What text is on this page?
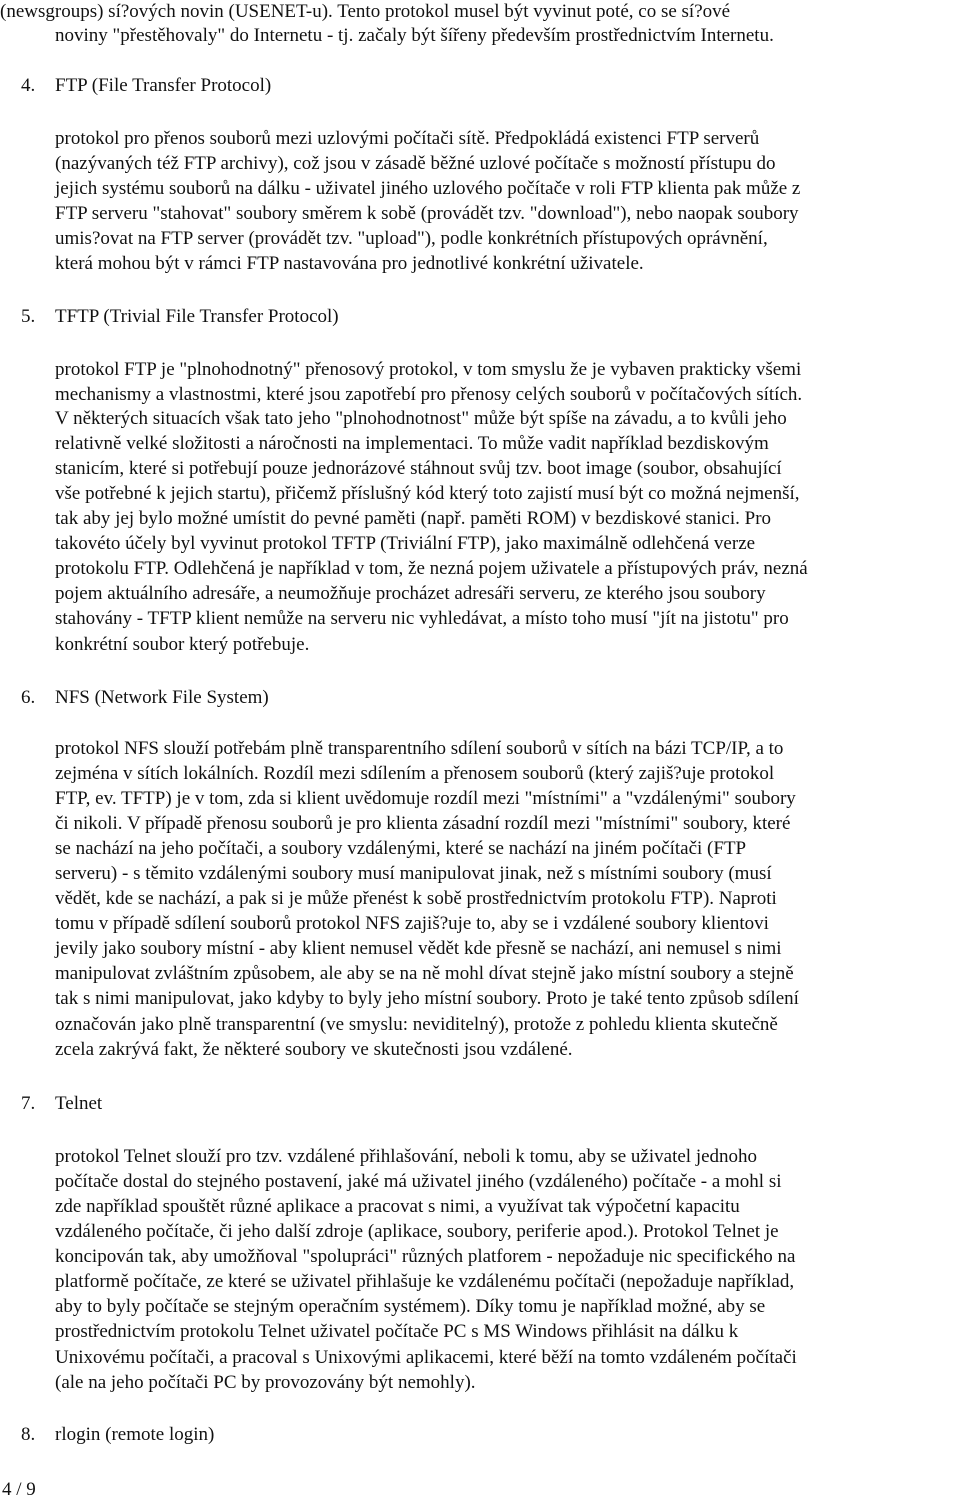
(newsgroups) sí?ových novin (USENET-u). Tento protokol musel být vyvinut poté, co se sí?ové
noviny "přestěhovaly" do Internetu - tj. začaly být šířeny především prostřednictvím Internetu.
4. FTP (File Transfer Protocol)
protokol pro přenos souborů mezi uzlovými počítači sítě. Předpokládá existenci FTP serverů
(nazývaných též FTP archivy), což jsou v zásadě běžné uzlové počítače s možností přístupu do
jejich systému souborů na dálku - uživatel jiného uzlového počítače v roli FTP klienta pak může z
FTP serveru "stahovat" soubory směrem k sobě (provádět tzv. "download"), nebo naopak soubory
umis?ovat na FTP server (provádět tzv. "upload"), podle konkrétních přístupových oprávnění,
která mohou být v rámci FTP nastavována pro jednotlivé konkrétní uživatele.
5. TFTP (Trivial File Transfer Protocol)
protokol FTP je "plnohodnotný" přenosový protokol, v tom smyslu že je vybaven prakticky všemi
mechanismy a vlastnostmi, které jsou zapotřebí pro přenosy celých souborů v počítačových sítích.
V některých situacích však tato jeho "plnohodnotnost" může být spíše na závadu, a to kvůli jeho
relativně velké složitosti a náročnosti na implementaci. To může vadit například bezdiskovým
stanicím, které si potřebují pouze jednorázové stáhnout svůj tzv. boot image (soubor, obsahující
vše potřebné k jejich startu), přičemž příslušný kód který toto zajistí musí být co možná nejmenší,
tak aby jej bylo možné umístit do pevné paměti (např. paměti ROM) v bezdiskové stanici. Pro
takovéto účely byl vyvinut protokol TFTP (Triviální FTP), jako maximálně odlehčená verze
protokolu FTP. Odlehčená je například v tom, že nezná pojem uživatele a přístupových práv, nezná
pojem aktuálního adresáře, a neumožňuje procházet adresáři serveru, ze kterého jsou soubory
stahovány - TFTP klient nemůže na serveru nic vyhledávat, a místo toho musí "jít na jistotu" pro
konkrétní soubor který potřebuje.
6. NFS (Network File System)
protokol NFS slouží potřebám plně transparentního sdílení souborů v sítích na bázi TCP/IP, a to
zejména v sítích lokálních. Rozdíl mezi sdílením a přenosem souborů (který zajiš?uje protokol
FTP, ev. TFTP) je v tom, zda si klient uvědomuje rozdíl mezi "místními" a "vzdálenými" soubory
či nikoli. V případě přenosu souborů je pro klienta zásadní rozdíl mezi "místními" soubory, které
se nachází na jeho počítači, a soubory vzdálenými, které se nachází na jiném počítači (FTP
serveru) - s těmito vzdálenými soubory musí manipulovat jinak, než s místními soubory (musí
vědět, kde se nachází, a pak si je může přenést k sobě prostřednictvím protokolu FTP). Naproti
tomu v případě sdílení souborů protokol NFS zajiš?uje to, aby se i vzdálené soubory klientovi
jevily jako soubory místní - aby klient nemusel vědět kde přesně se nachází, ani nemusel s nimi
manipulovat zvláštním způsobem, ale aby se na ně mohl dívat stejně jako místní soubory a stejně
tak s nimi manipulovat, jako kdyby to byly jeho místní soubory. Proto je také tento způsob sdílení
označován jako plně transparentní (ve smyslu: neviditelný), protože z pohledu klienta skutečně
zcela zakrývá fakt, že některé soubory ve skutečnosti jsou vzdálené.
7. Telnet
protokol Telnet slouží pro tzv. vzdálené přihlašování, neboli k tomu, aby se uživatel jednoho
počítače dostal do stejného postavení, jaké má uživatel jiného (vzdáleného) počítače - a mohl si
zde například spouštět různé aplikace a pracovat s nimi, a využívat tak výpočetní kapacitu
vzdáleného počítače, či jeho další zdroje (aplikace, soubory, periferie apod.). Protokol Telnet je
koncipován tak, aby umožňoval "spolupráci" různých platforem - nepožaduje nic specifického na
platformě počítače, ze které se uživatel přihlašuje ke vzdálenému počítači (nepožaduje například,
aby to byly počítače se stejným operačním systémem). Díky tomu je například možné, aby se
prostřednictvím protokolu Telnet uživatel počítače PC s MS Windows přihlásit na dálku k
Unixovému počítači, a pracoval s Unixovými aplikacemi, které běží na tomto vzdáleném počítači
(ale na jeho počítači PC by provozovány být nemohly).
8. rlogin (remote login)
4 / 9
